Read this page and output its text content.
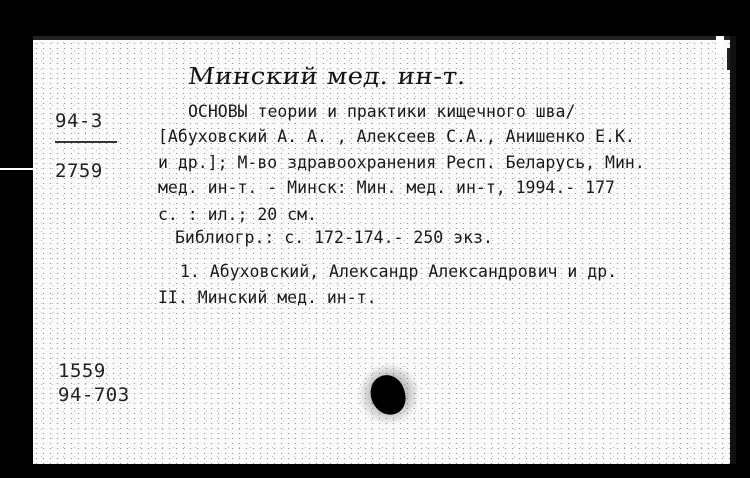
Минский мед. ин-т.
94-3
2759
ОСНОВЫ теории и практики кищечного шва/
[Абуховский А. А. , Алексеев С.А., Анишенко Е.К.
и др.]; М-во здравоохранения Респ. Беларусь, Мин.
мед. ин-т. - Минск: Мин. мед. ин-т, 1994.- 177
с. : ил.; 20 см.
Библиогр.: с. 172-174.- 250 экз.
1. Абуховский, Александр Александрович и др.
II. Минский мед. ин-т.
1559
94-703
